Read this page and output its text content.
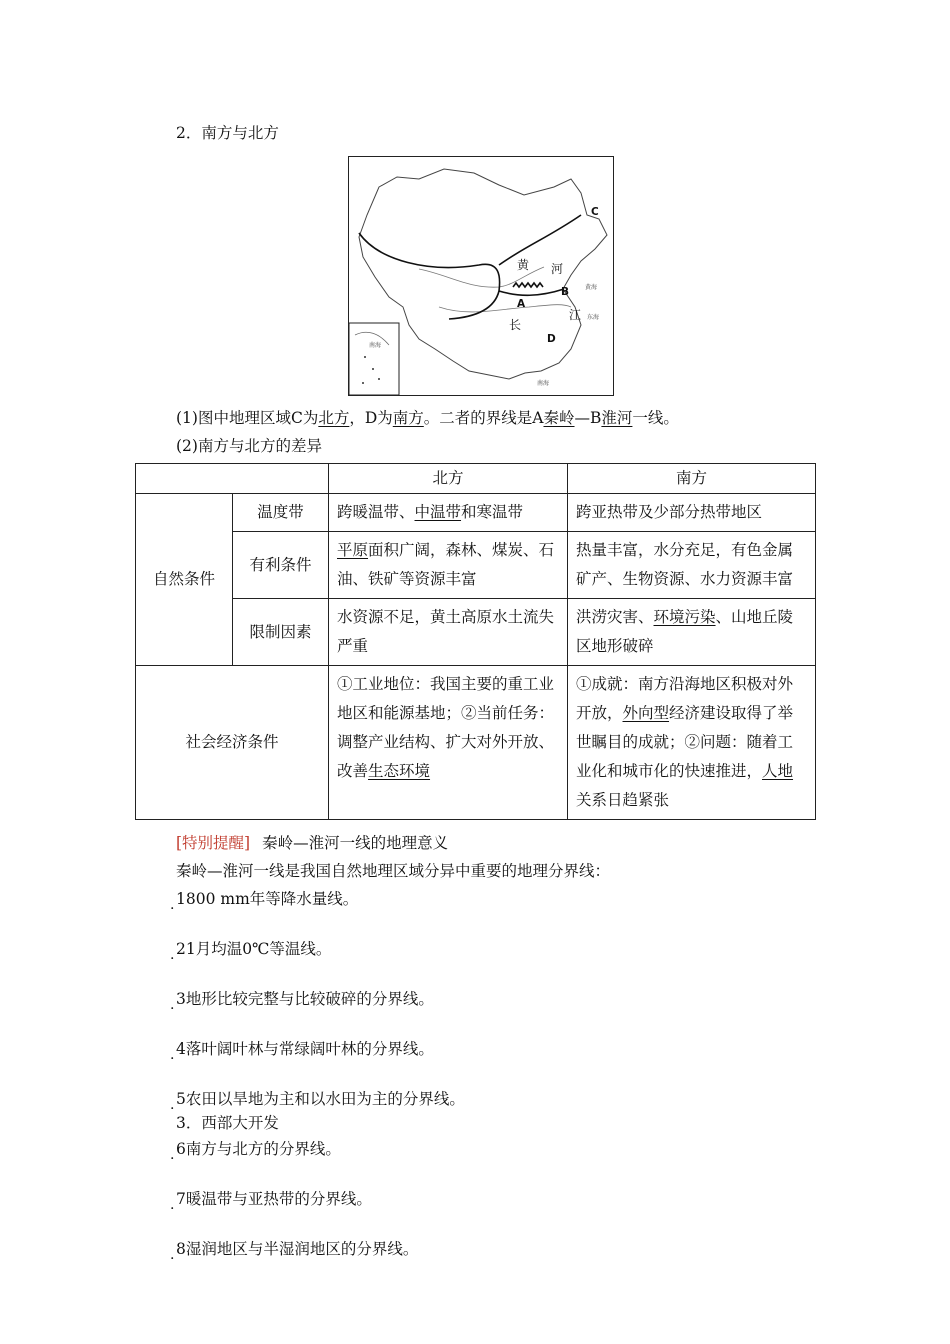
2．南方与北方
南海
C
D
A
B
黄 河
长
江
黄海
东海
南海
(1)图中地理区域C为北方，D为南方。二者的界线是A秦岭—B淮河一线。
(2)南方与北方的差异
		北方	南方
自然条件	温度带	跨暖温带、中温带和寒温带	跨亚热带及少部分热带地区
	有利条件	平原面积广阔，森林、煤炭、石油、铁矿等资源丰富	热量丰富，水分充足，有色金属矿产、生物资源、水力资源丰富
	限制因素	水资源不足，黄土高原水土流失严重	洪涝灾害、环境污染、山地丘陵区地形破碎
社会经济条件		①工业地位：我国主要的重工业地区和能源基地；②当前任务：调整产业结构、扩大对外开放、改善生态环境	①成就：南方沿海地区积极对外开放，外向型经济建设取得了举世瞩目的成就；②问题：随着工业化和城市化的快速推进，人地关系日趋紧张
[特别提醒] 秦岭—淮河一线的地理意义
秦岭—淮河一线是我国自然地理区域分异中重要的地理分界线：
. 1800 mm年等降水量线。
. 21月均温0℃等温线。
. 3地形比较完整与比较破碎的分界线。
. 4落叶阔叶林与常绿阔叶林的分界线。
. 5农田以旱地为主和以水田为主的分界线。
. 6南方与北方的分界线。
. 7暖温带与亚热带的分界线。
. 8湿润地区与半湿润地区的分界线。
3．西部大开发
